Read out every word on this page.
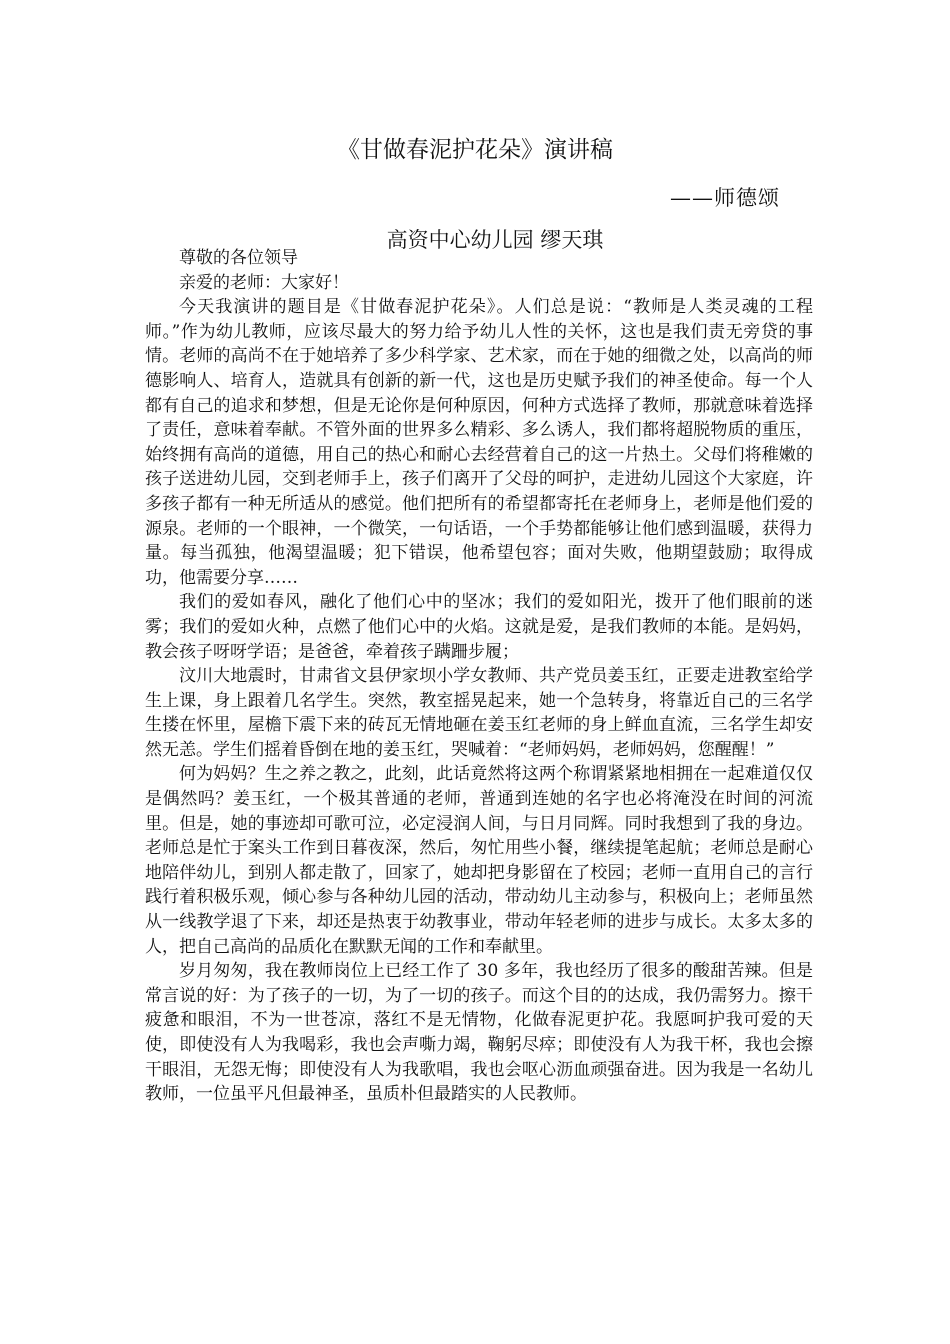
《甘做春泥护花朵》演讲稿
——师德颂
高资中心幼儿园 缪天琪

尊敬的各位领导

亲爱的老师：大家好！

今天我演讲的题目是《甘做春泥护花朵》。人们总是说：“教师是人类灵魂的工程师。”作为幼儿教师，应该尽最大的努力给予幼儿人性的关怀，这也是我们责无旁贷的事情。老师的高尚不在于她培养了多少科学家、艺术家，而在于她的细微之处，以高尚的师德影响人、培育人，造就具有创新的新一代，这也是历史赋予我们的神圣使命。每一个人都有自己的追求和梦想，但是无论你是何种原因，何种方式选择了教师，那就意味着选择了责任，意味着奉献。不管外面的世界多么精彩、多么诱人，我们都将超脱物质的重压，始终拥有高尚的道德，用自己的热心和耐心去经营着自己的这一片热土。父母们将稚嫩的孩子送进幼儿园，交到老师手上，孩子们离开了父母的呵护，走进幼儿园这个大家庭，许多孩子都有一种无所适从的感觉。他们把所有的希望都寄托在老师身上，老师是他们爱的源泉。老师的一个眼神，一个微笑，一句话语，一个手势都能够让他们感到温暖，获得力量。每当孤独，他渴望温暖；犯下错误，他希望包容；面对失败，他期望鼓励；取得成功，他需要分享……

我们的爱如春风，融化了他们心中的坚冰；我们的爱如阳光，拨开了他们眼前的迷雾；我们的爱如火种，点燃了他们心中的火焰。这就是爱，是我们教师的本能。是妈妈，教会孩子呀呀学语；是爸爸，牵着孩子蹒跚步履；

汶川大地震时，甘肃省文县伊家坝小学女教师、共产党员姜玉红，正要走进教室给学生上课，身上跟着几名学生。突然，教室摇晃起来，她一个急转身，将靠近自己的三名学生搂在怀里，屋檐下震下来的砖瓦无情地砸在姜玉红老师的身上鲜血直流，三名学生却安然无恙。学生们摇着昏倒在地的姜玉红，哭喊着：“老师妈妈，老师妈妈，您醒醒！”

何为妈妈？生之养之教之，此刻，此话竟然将这两个称谓紧紧地相拥在一起难道仅仅是偶然吗？姜玉红，一个极其普通的老师，普通到连她的名字也必将淹没在时间的河流里。但是，她的事迹却可歌可泣，必定浸润人间，与日月同辉。同时我想到了我的身边。老师总是忙于案头工作到日暮夜深，然后，匆忙用些小餐，继续提笔起航；老师总是耐心地陪伴幼儿，到别人都走散了，回家了，她却把身影留在了校园；老师一直用自己的言行践行着积极乐观，倾心参与各种幼儿园的活动，带动幼儿主动参与，积极向上；老师虽然从一线教学退了下来，却还是热衷于幼教事业，带动年轻老师的进步与成长。太多太多的人，把自己高尚的品质化在默默无闻的工作和奉献里。

岁月匆匆，我在教师岗位上已经工作了 30 多年，我也经历了很多的酸甜苦辣。但是常言说的好：为了孩子的一切，为了一切的孩子。而这个目的的达成，我仍需努力。擦干疲惫和眼泪，不为一世苍凉，落红不是无情物，化做春泥更护花。我愿呵护我可爱的天使，即使没有人为我喝彩，我也会声嘶力竭，鞠躬尽瘁；即使没有人为我干杯，我也会擦干眼泪，无怨无悔；即使没有人为我歌唱，我也会呕心沥血顽强奋进。因为我是一名幼儿教师，一位虽平凡但最神圣，虽质朴但最踏实的人民教师。
